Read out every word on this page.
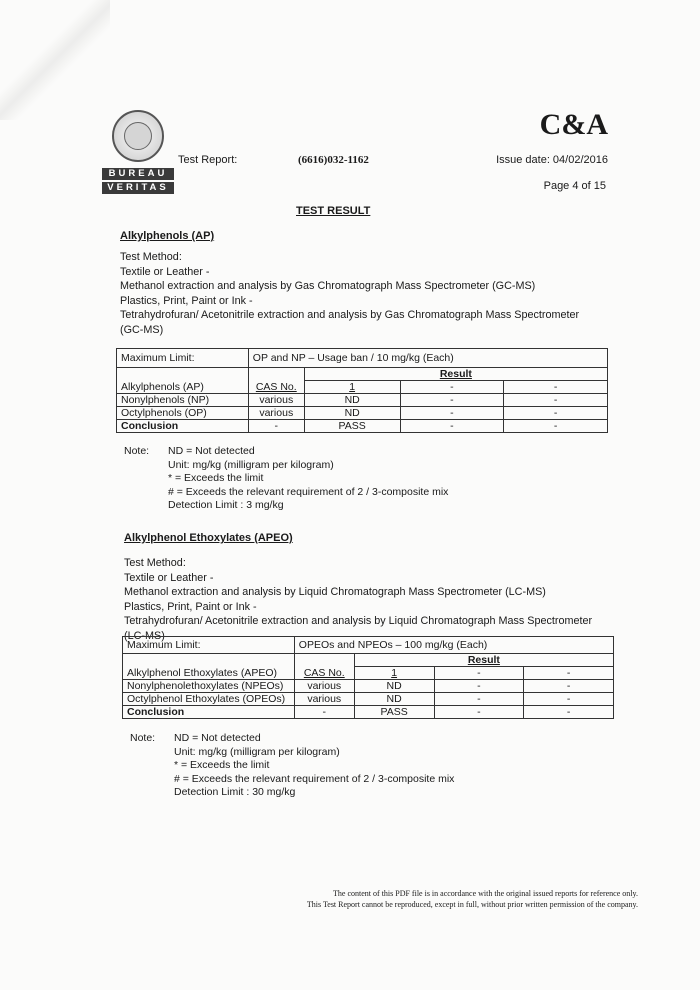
BUREAU
VERITAS
C&A
Test Report:	(6616)032-1162	Issue date: 04/02/2016
Page 4 of 15
TEST RESULT
Alkylphenols (AP)
Test Method:
Textile or Leather -
Methanol extraction and analysis by Gas Chromatograph Mass Spectrometer (GC-MS)
Plastics, Print, Paint or Ink -
Tetrahydrofuran/ Acetonitrile extraction and analysis by Gas Chromatograph Mass Spectrometer
(GC-MS)
Maximum Limit:	OP and NP – Usage ban / 10 mg/kg (Each)			
		Result		
Alkylphenols (AP)	CAS No.	1	-	-
Nonylphenols (NP)	various	ND	-	-
Octylphenols (OP)	various	ND	-	-
Conclusion	-	PASS	-	-
Note: ND = Not detected
Unit: mg/kg (milligram per kilogram)
* = Exceeds the limit
# = Exceeds the relevant requirement of 2 / 3-composite mix
Detection Limit : 3 mg/kg
Alkylphenol Ethoxylates (APEO)
Test Method:
Textile or Leather -
Methanol extraction and analysis by Liquid Chromatograph Mass Spectrometer (LC-MS)
Plastics, Print, Paint or Ink -
Tetrahydrofuran/ Acetonitrile extraction and analysis by Liquid Chromatograph Mass Spectrometer
(LC-MS)
Maximum Limit:	OPEOs and NPEOs – 100 mg/kg (Each)			
		Result		
Alkylphenol Ethoxylates (APEO)	CAS No.	1	-	-
Nonylphenolethoxylates (NPEOs)	various	ND	-	-
Octylphenol Ethoxylates (OPEOs)	various	ND	-	-
Conclusion	-	PASS	-	-
Note: ND = Not detected
Unit: mg/kg (milligram per kilogram)
* = Exceeds the limit
# = Exceeds the relevant requirement of 2 / 3-composite mix
Detection Limit : 30 mg/kg
The content of this PDF file is in accordance with the original issued reports for reference only.
This Test Report cannot be reproduced, except in full, without prior written permission of the company.
